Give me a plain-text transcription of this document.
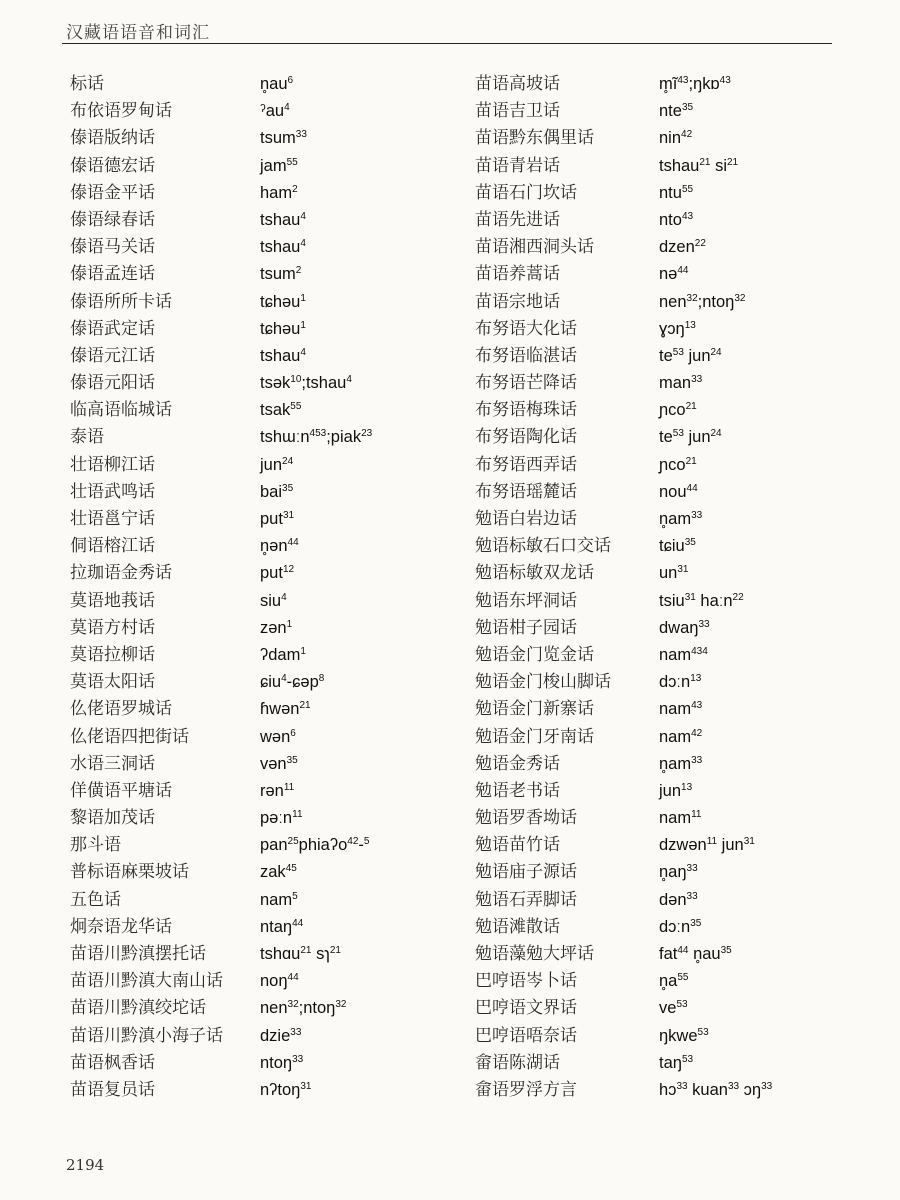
汉藏语语音和词汇
标话	$n̥au^6$
布依语罗甸话	ˀau$^4$
傣语版纳话	tsum$^{33}$
傣语德宏话	jam$^{55}$
傣语金平话	ham$^2$
傣语绿春话	tshau$^4$
傣语马关话	tshau$^4$
傣语孟连话	tsum$^2$
傣语所所卡话	tɕhəu$^1$
傣语武定话	tɕhəu$^1$
傣语元江话	tshau$^4$
傣语元阳话	tsək$^{10}$;tshau$^4$
临高语临城话	tsak$^{55}$
泰语	tshɯːn$^{453}$;piak$^{23}$
壮语柳江话	jun$^{24}$
壮语武鸣话	bai$^{35}$
壮语邕宁话	put$^{31}$
侗语榕江话	n̥ən$^{44}$
拉珈语金秀话	put$^{12}$
莫语地莪话	siu$^4$
莫语方村话	zən$^1$
莫语拉柳话	ʔdam$^1$
莫语太阳话	ɕiu$^4$-ɕəp$^8$
仫佬语罗城话	ɦwən$^{21}$
仫佬语四把街话	wən$^6$
水语三洞话	vən$^{35}$
佯僙语平塘话	rən$^{11}$
黎语加茂话	pəːn$^{11}$
那斗语	pan$^{25}$phiaʔo$^{42}$-$^5$
普标语麻栗坡话	zak$^{45}$
五色话	nam$^5$
炯奈语龙华话	ntaŋ$^{44}$
苗语川黔滇摆托话	tshɑu$^{21}$ sɿ$^{21}$
苗语川黔滇大南山话 noŋ$^{44}$
苗语川黔滇绞坨话	nen$^{32}$;ntoŋ$^{32}$
苗语川黔滇小海子话 dzie$^{33}$
苗语枫香话	ntoŋ$^{33}$
苗语复员话	nʔtoŋ$^{31}$
苗语高坡话	$m̥ĩ^{43};ŋkɒ^{43}$
苗语吉卫话	nte$^{35}$
苗语黔东偶里话	nin$^{42}$
苗语青岩话	tshau$^{21}$ $si^{21}$
苗语石门坎话	ntu$^{55}$
苗语先进话	nto$^{43}$
苗语湘西洞头话	dzen$^{22}$
苗语养蒿话	nə$^{44}$
苗语宗地话	nen$^{32}$;ntoŋ$^{32}$
布努语大化话	ɣɔŋ$^{13}$
布努语临湛话	$te^{53}$ jun$^{24}$
布努语芒降话	man$^{33}$
布努语梅珠话	ɲco$^{21}$
布努语陶化话	$te^{53}$ jun$^{24}$
布努语西弄话	ɲco$^{21}$
布努语瑶麓话	nou$^{44}$
勉语白岩边话	$n̥am^{33}$
勉语标敏石口交话	tɕiu$^{35}$
勉语标敏双龙话	$un^{31}$
勉语东坪洞话	tsiu$^{31}$ haːn$^{22}$
勉语柑子园话	dwaŋ$^{33}$
勉语金门览金话	nam$^{434}$
勉语金门梭山脚话	dɔːn$^{13}$
勉语金门新寨话	nam$^{43}$
勉语金门牙南话	nam$^{42}$
勉语金秀话	$n̥am^{33}$
勉语老书话	jun$^{13}$
勉语罗香坳话	nam$^{11}$
勉语苗竹话	dzwən$^{11}$ jun$^{31}$
勉语庙子源话	$n̥aŋ^{33}$
勉语石弄脚话	dən$^{33}$
勉语滩散话	dɔːn$^{35}$
勉语藻勉大坪话	fat$^{44}$ $n̥au^{35}$
巴哼语岑卜话	$n̥a^{55}$
巴哼语文界话	$ve^{53}$
巴哼语唔奈话	ŋkwe$^{53}$
畲语陈湖话	taŋ$^{53}$
畲语罗浮方言	hɔ$^{33}$ kuan$^{33}$ ɔŋ$^{33}$
2194
